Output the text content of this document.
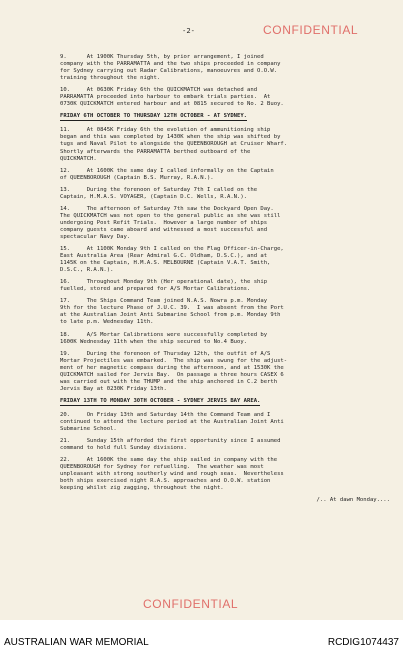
-2-	CONFIDENTIAL
9.      At 1900K Thursday 5th, by prior arrangement, I joined
company with the PARRAMATTA and the two ships proceeded in company
for Sydney carrying out Radar Calibrations, manoeuvres and O.O.W.
training throughout the night.
10.     At 0630K Friday 6th the QUICKMATCH was detached and
PARRAMATTA proceeded into harbour to embark trials parties.  At
0730K QUICKMATCH entered harbour and at 0815 secured to No. 2 Buoy.
FRIDAY 6TH OCTOBER TO THURSDAY 12TH OCTOBER - AT SYDNEY.
11.     At 0845K Friday 6th the evolution of ammunitioning ship
began and this was completed by 1430K when the ship was shifted by
tugs and Naval Pilot to alongside the QUEENBOROUGH at Cruiser Wharf.
Shortly afterwards the PARRAMATTA berthed outboard of the
QUICKMATCH.
12.     At 1600K the same day I called informally on the Captain
of QUEENBOROUGH (Captain B.S. Murray, R.A.N.).
13.     During the forenoon of Saturday 7th I called on the
Captain, H.M.A.S. VOYAGER, (Captain D.C. Wells, R.A.N.).
14.     The afternoon of Saturday 7th saw the Dockyard Open Day.
The QUICKMATCH was not open to the general public as she was still
undergoing Post Refit Trials.  However a large number of ships
company guests came aboard and witnessed a most successful and
spectacular Navy Day.
15.     At 1100K Monday 9th I called on the Flag Officer-in-Charge,
East Australia Area (Rear Admiral G.C. Oldham, D.S.C.), and at
1145K on the Captain, H.M.A.S. MELBOURNE (Captain V.A.T. Smith,
D.S.C., R.A.N.).
16.     Throughout Monday 9th (Her operational date), the ship
fuelled, stored and prepared for A/S Mortar Calibrations.
17.     The Ships Command Team joined N.A.S. Nowra p.m. Monday
9th for the lecture Phase of J.U.C. 39.  I was absent from the Port
at the Australian Joint Anti Submarine School from p.m. Monday 9th
to late p.m. Wednesday 11th.
18.     A/S Mortar Calibrations were successfully completed by
1600K Wednesday 11th when the ship secured to No.4 Buoy.
19.     During the forenoon of Thursday 12th, the outfit of A/S
Mortar Projectiles was embarked.  The ship was swung for the adjust-
ment of her magnetic compass during the afternoon, and at 1530K the
QUICKMATCH sailed for Jervis Bay.  On passage a three hours CASEX 6
was carried out with the THUMP and the ship anchored in C.2 berth
Jervis Bay at 0230K Friday 13th.
FRIDAY 13TH TO MONDAY 30TH OCTOBER - SYDNEY JERVIS BAY AREA.
20.     On Friday 13th and Saturday 14th the Command Team and I
continued to attend the lecture period at the Australian Joint Anti
Submarine School.
21.     Sunday 15th afforded the first opportunity since I assumed
command to hold full Sunday divisions.
22.     At 1600K the same day the ship sailed in company with the
QUEENBOROUGH for Sydney for refuelling.  The weather was most
unpleasant with strong southerly wind and rough seas.  Nevertheless
both ships exercised night R.A.S. approaches and O.O.W. station
keeping whilst zig zagging, throughout the night.
/.. At dawn Monday....
CONFIDENTIAL
AUSTRALIAN WAR MEMORIAL	RCDIG1074437
